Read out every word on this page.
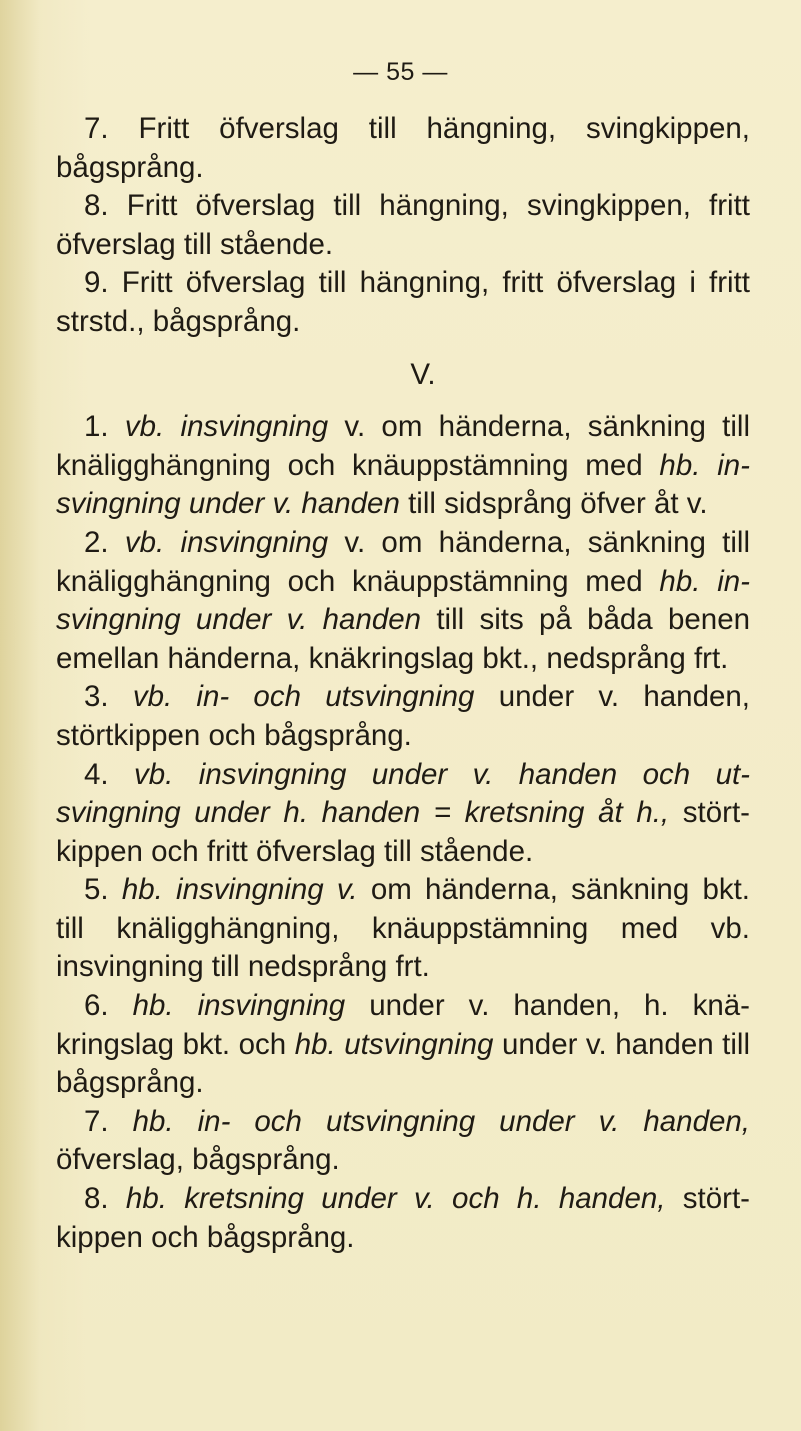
— 55 —

7. Fritt öfverslag till hängning, svingkippen, bågsprång.

8. Fritt öfverslag till hängning, svingkippen, fritt öfverslag till stående.

9. Fritt öfverslag till hängning, fritt öfverslag i fritt strstd., bågsprång.

V.

1. vb. insvingning v. om händerna, sänkning till knäligghängning och knäuppstämning med hb. in- svingning under v. handen till sidsprång öfver åt v.

2. vb. insvingning v. om händerna, sänkning till knäligghängning och knäuppstämning med hb. in- svingning under v. handen till sits på båda benen emellan händerna, knäkringslag bkt., nedsprång frt.

3. vb. in- och utsvingning under v. handen, störtkippen och bågsprång.

4. vb. insvingning under v. handen och ut- svingning under h. handen = kretsning åt h., stört- kippen och fritt öfverslag till stående.

5. hb. insvingning v. om händerna, sänkning bkt. till knäligghängning, knäuppstämning med vb. insvingning till nedsprång frt.

6. hb. insvingning under v. handen, h. knä- kringslag bkt. och hb. utsvingning under v. handen till bågsprång.

7. hb. in- och utsvingning under v. handen, öfverslag, bågsprång.

8. hb. kretsning under v. och h. handen, stört- kippen och bågsprång.
